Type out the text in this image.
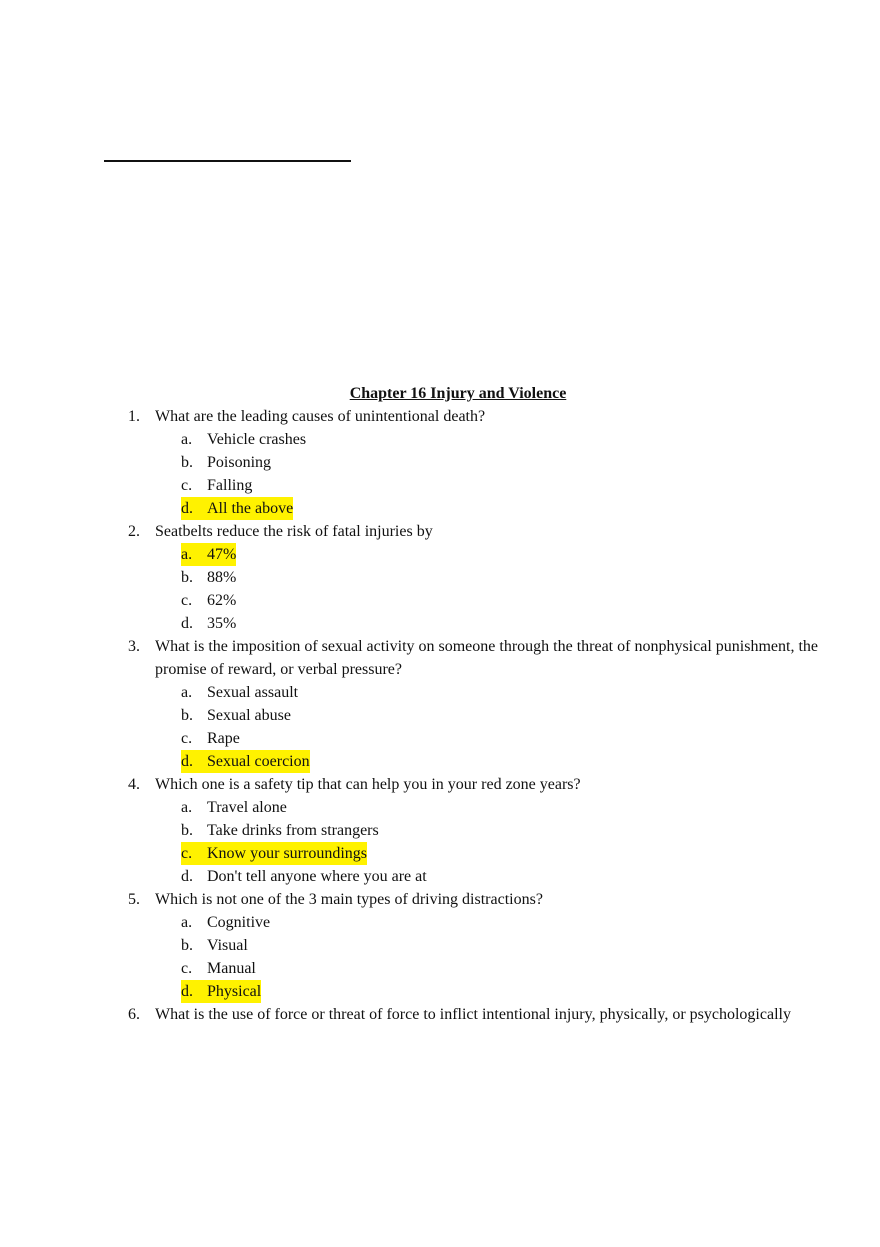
Chapter 16 Injury and Violence
1. What are the leading causes of unintentional death?
a. Vehicle crashes
b. Poisoning
c. Falling
d. All the above
2. Seatbelts reduce the risk of fatal injuries by
a. 47%
b. 88%
c. 62%
d. 35%
3. What is the imposition of sexual activity on someone through the threat of nonphysical punishment, the promise of reward, or verbal pressure?
a. Sexual assault
b. Sexual abuse
c. Rape
d. Sexual coercion
4. Which one is a safety tip that can help you in your red zone years?
a. Travel alone
b. Take drinks from strangers
c. Know your surroundings
d. Don't tell anyone where you are at
5. Which is not one of the 3 main types of driving distractions?
a. Cognitive
b. Visual
c. Manual
d. Physical
6. What is the use of force or threat of force to inflict intentional injury, physically, or psychologically
